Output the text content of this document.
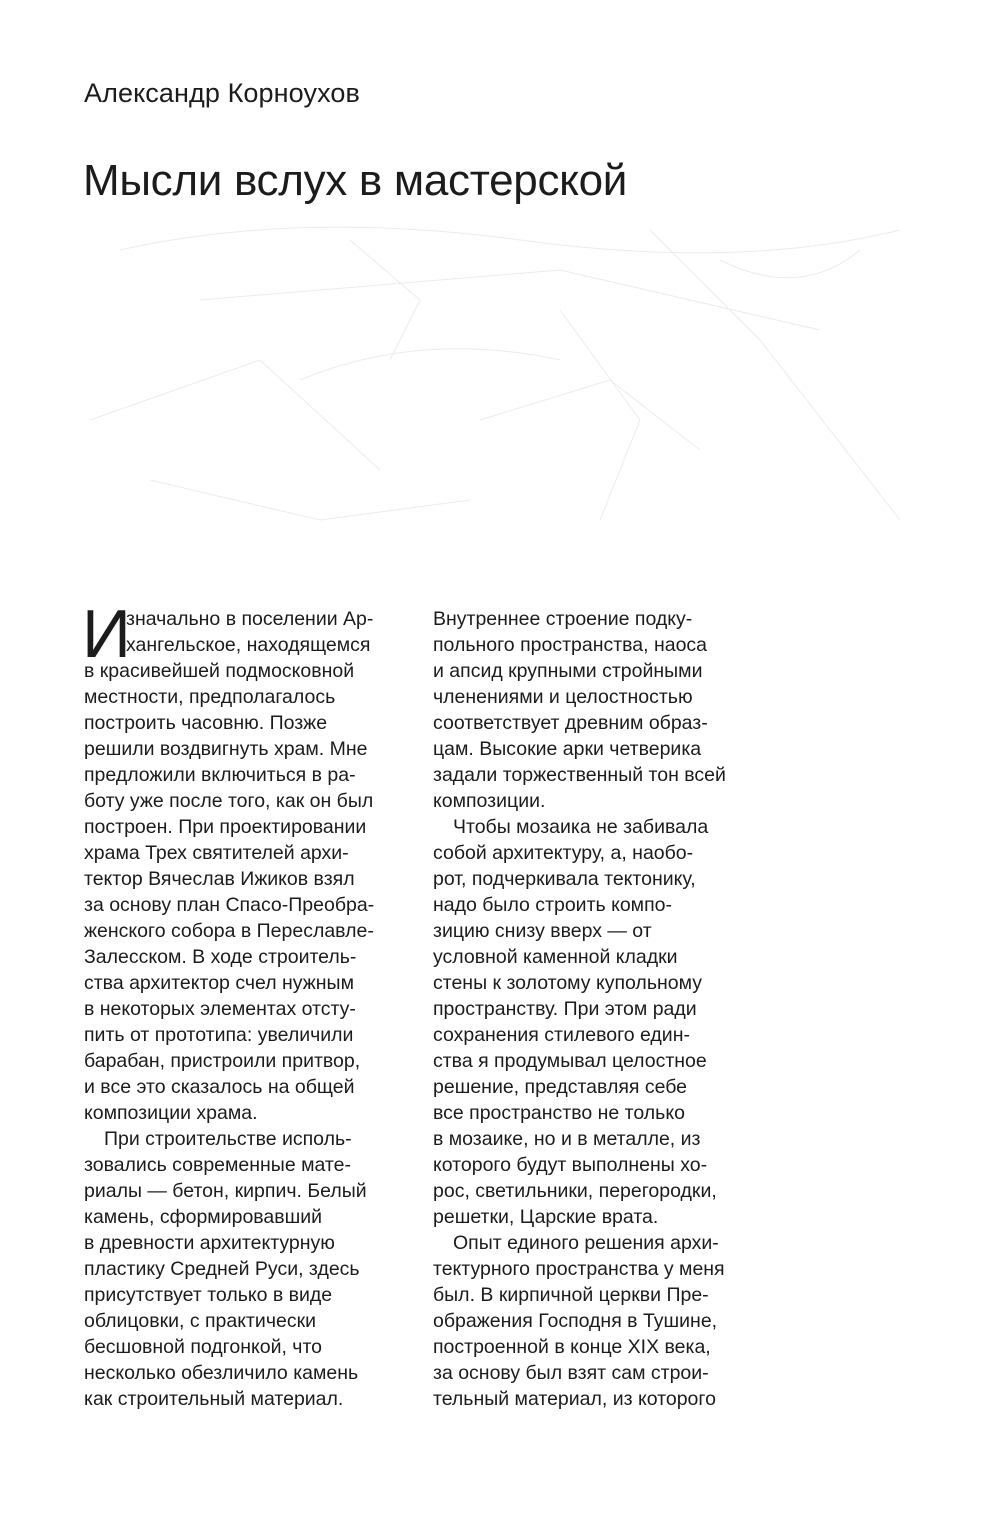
Александр Корноухов
Мысли вслух в мастерской
И
значально в поселении Ар-
хангельское, находящемся
в красивейшей подмосковной
местности, предполагалось
построить часовню. Позже
решили воздвигнуть храм. Мне
предложили включиться в ра-
боту уже после того, как он был
построен. При проектировании
храма Трех святителей архи-
тектор Вячеслав Ижиков взял
за основу план Спасо-Преобра-
женского собора в Переславле-
Залесском. В ходе строитель-
ства архитектор счел нужным
в некоторых элементах отсту-
пить от прототипа: увеличили
барабан, пристроили притвор,
и все это сказалось на общей
композиции храма.
При строительстве исполь-
зовались современные мате-
риалы — бетон, кирпич. Белый
камень, сформировавший
в древности архитектурную
пластику Средней Руси, здесь
присутствует только в виде
облицовки, с практически
бесшовной подгонкой, что
несколько обезличило камень
как строительный материал.
Внутреннее строение подку-
польного пространства, наоса
и апсид крупными стройными
членениями и целостностью
соответствует древним образ-
цам. Высокие арки четверика
задали торжественный тон всей
композиции.
Чтобы мозаика не забивала
собой архитектуру, а, наобо-
рот, подчеркивала тектонику,
надо было строить компо-
зицию снизу вверх — от
условной каменной кладки
стены к золотому купольному
пространству. При этом ради
сохранения стилевого един-
ства я продумывал целостное
решение, представляя себе
все пространство не только
в мозаике, но и в металле, из
которого будут выполнены хо-
рос, светильники, перегородки,
решетки, Царские врата.
Опыт единого решения архи-
тектурного пространства у меня
был. В кирпичной церкви Пре-
ображения Господня в Тушине,
построенной в конце XIX века,
за основу был взят сам строи-
тельный материал, из которого
